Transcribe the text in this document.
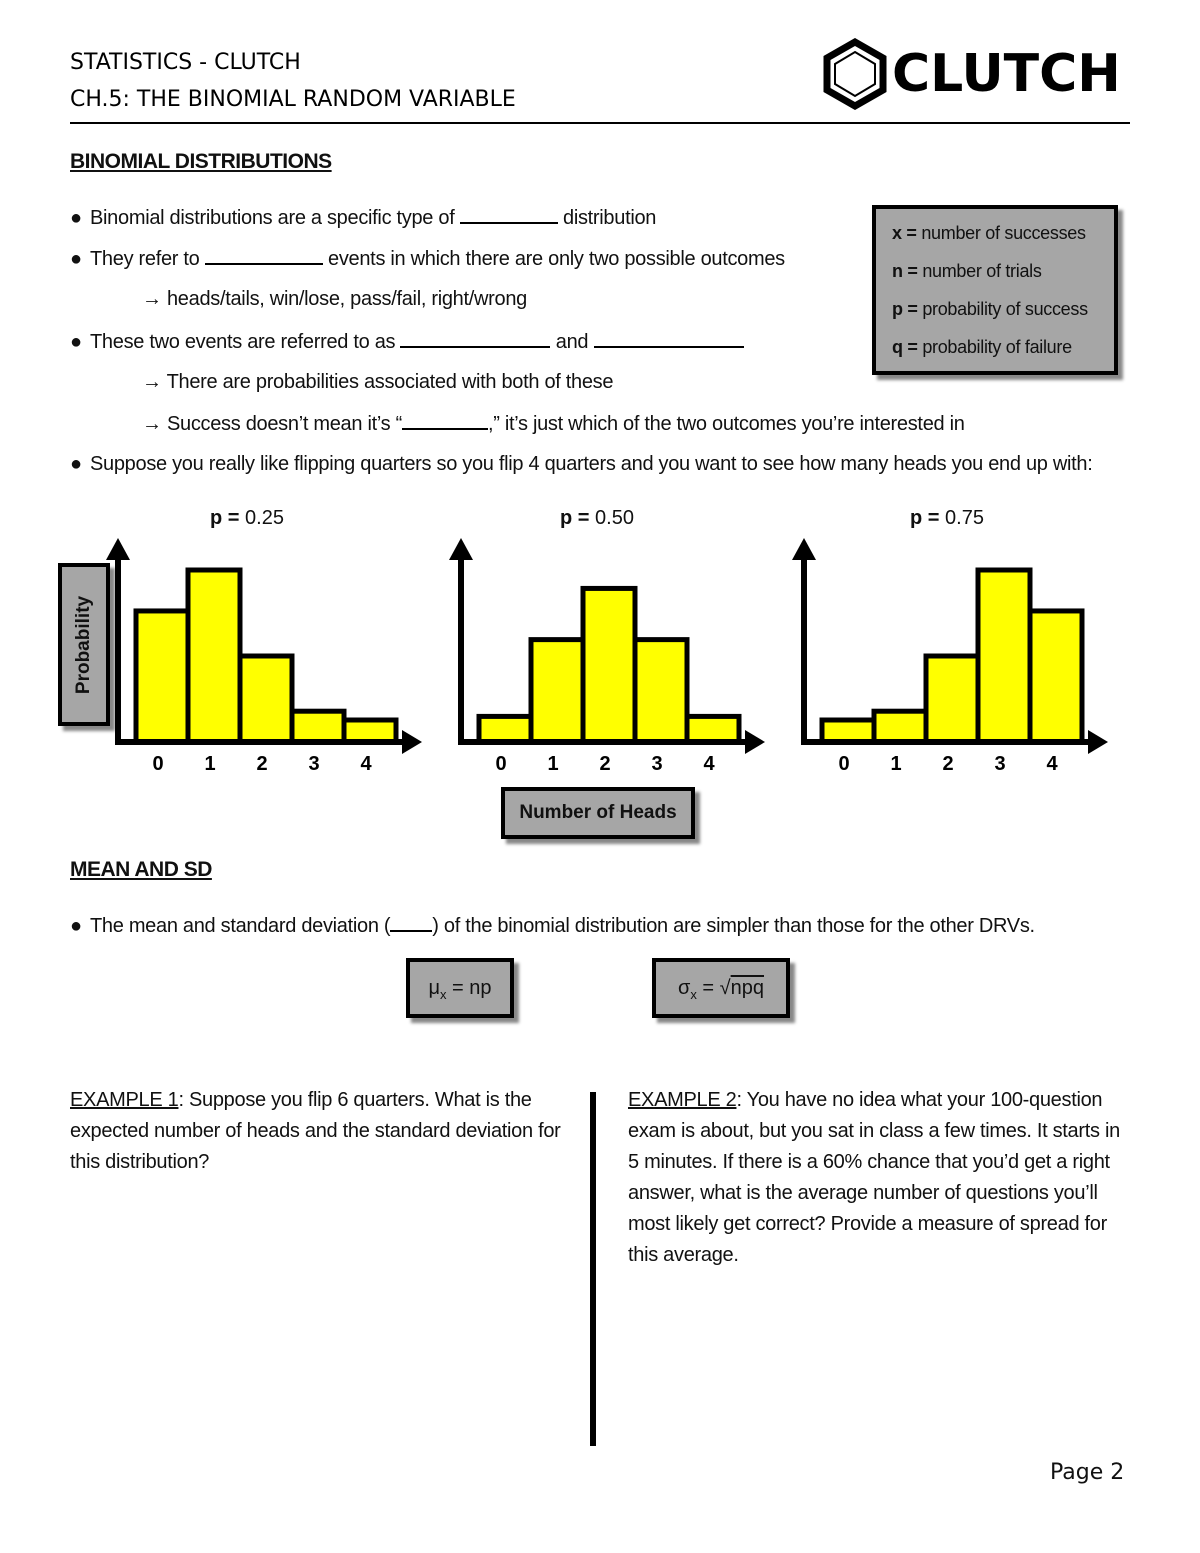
STATISTICS - CLUTCH
CH.5: THE BINOMIAL RANDOM VARIABLE	CLUTCH
BINOMIAL DISTRIBUTIONS
● Binomial distributions are a specific type of	distribution
● They refer to	events in which there are only two possible outcomes
→ heads/tails, win/lose, pass/fail, right/wrong
● These two events are referred to as	and
→ There are probabilities associated with both of these
→ Success doesn’t mean it’s “	,” it’s just which of the two outcomes you’re interested in
● Suppose you really like flipping quarters so you flip 4 quarters and you want to see how many heads you end up with:
x = number of successes
n = number of trials
p = probability of success
q = probability of failure
p = 0.25	p = 0.50	p = 0.75
Probability
0 1 2 3 4	0 1 2 3 4	0 1 2 3 4
Number of Heads
MEAN AND SD
● The mean and standard deviation ( ) of the binomial distribution are simpler than those for the other DRVs.
$\mu_x$ = np	$\sigma_x = √npq$
EXAMPLE 1: Suppose you flip 6 quarters. What is the expected number of heads and the standard deviation for this distribution?
EXAMPLE 2: You have no idea what your 100-question exam is about, but you sat in class a few times. It starts in 5 minutes. If there is a 60% chance that you’d get a right answer, what is the average number of questions you’ll most likely get correct? Provide a measure of spread for this average.
Page 2
